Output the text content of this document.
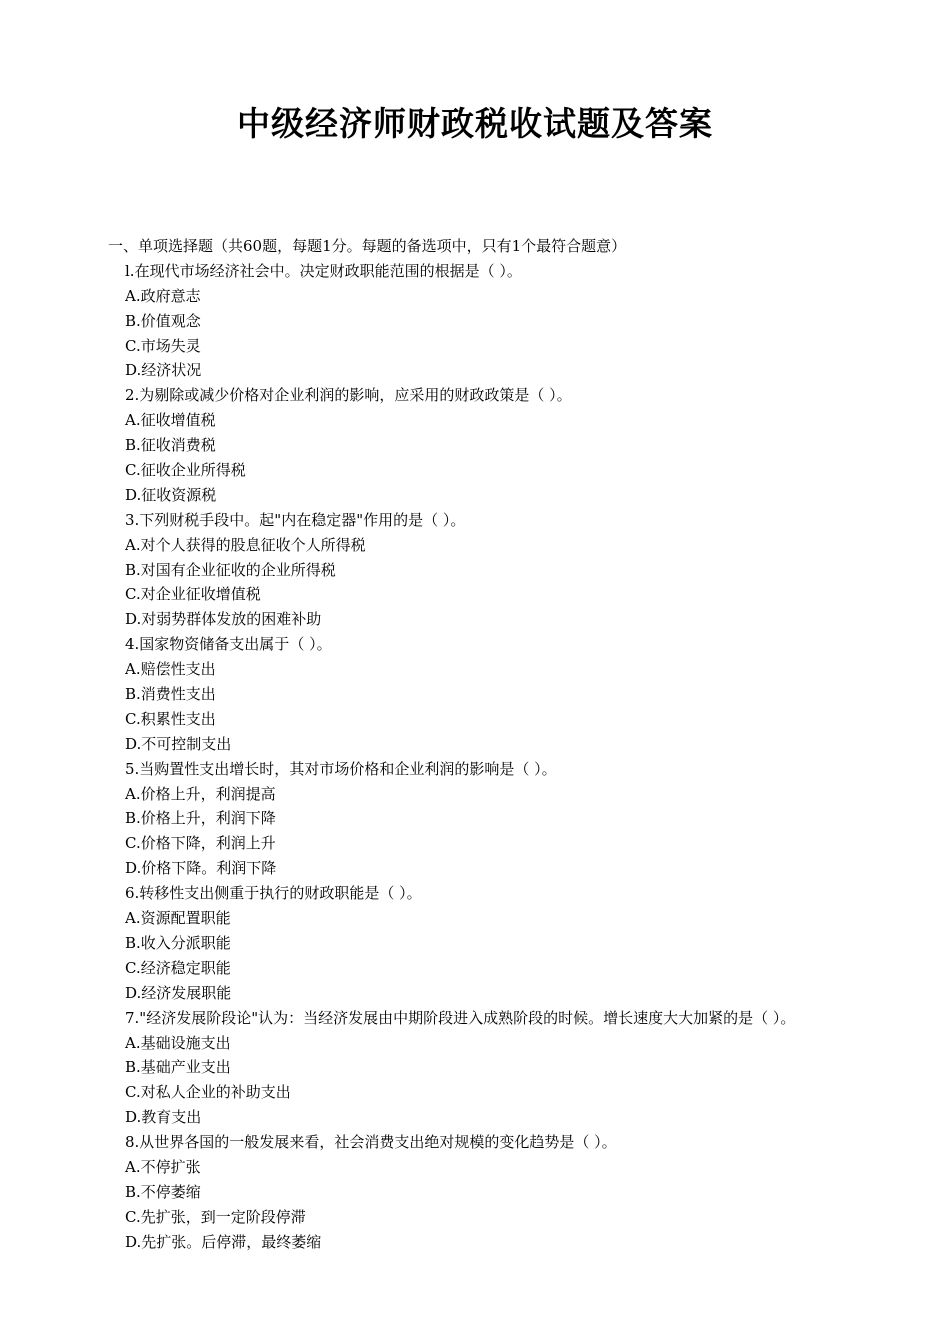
中级经济师财政税收试题及答案
一、单项选择题（共60题，每题1分。每题的备选项中，只有1个最符合题意）
l.在现代市场经济社会中。决定财政职能范围的根据是（ ）。
A.政府意志
B.价值观念
C.市场失灵
D.经济状况
2.为剔除或减少价格对企业利润的影响，应采用的财政政策是（ ）。
A.征收增值税
B.征收消费税
C.征收企业所得税
D.征收资源税
3.下列财税手段中。起"内在稳定器"作用的是（ ）。
A.对个人获得的股息征收个人所得税
B.对国有企业征收的企业所得税
C.对企业征收增值税
D.对弱势群体发放的困难补助
4.国家物资储备支出属于（ ）。
A.赔偿性支出
B.消费性支出
C.积累性支出
D.不可控制支出
5.当购置性支出增长时，其对市场价格和企业利润的影响是（ ）。
A.价格上升，利润提高
B.价格上升，利润下降
C.价格下降，利润上升
D.价格下降。利润下降
6.转移性支出侧重于执行的财政职能是（ ）。
A.资源配置职能
B.收入分派职能
C.经济稳定职能
D.经济发展职能
7."经济发展阶段论"认为：当经济发展由中期阶段进入成熟阶段的时候。增长速度大大加紧的是（ ）。
A.基础设施支出
B.基础产业支出
C.对私人企业的补助支出
D.教育支出
8.从世界各国的一般发展来看，社会消费支出绝对规模的变化趋势是（ ）。
A.不停扩张
B.不停萎缩
C.先扩张，到一定阶段停滞
D.先扩张。后停滞，最终萎缩
